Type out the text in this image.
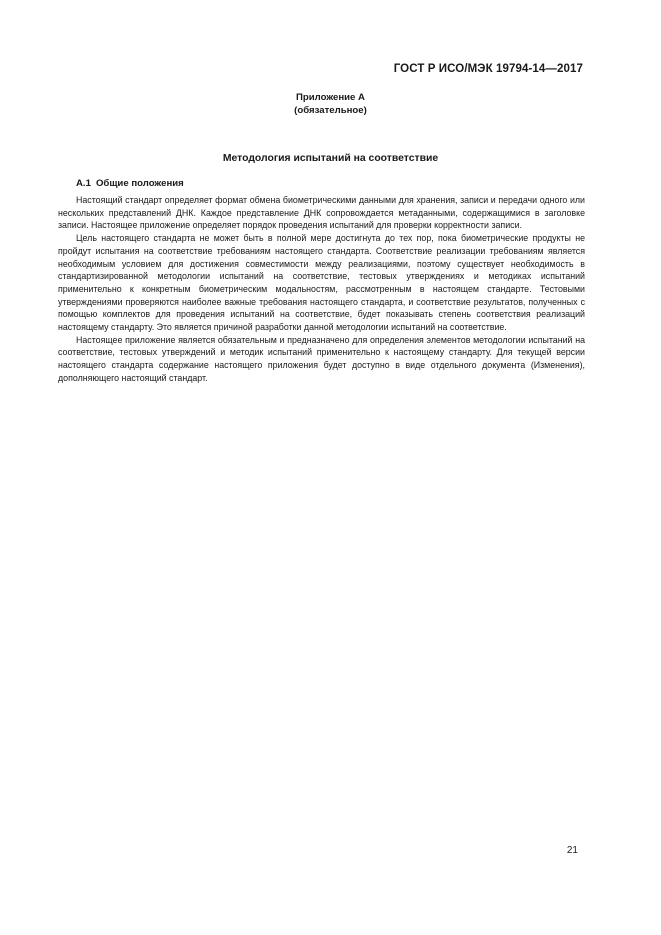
ГОСТ Р ИСО/МЭК 19794-14—2017
Приложение А
(обязательное)
Методология испытаний на соответствие
А.1 Общие положения

Настоящий стандарт определяет формат обмена биометрическими данными для хранения, записи и передачи одного или нескольких представлений ДНК. Каждое представление ДНК сопровождается метаданными, содержащимися в заголовке записи. Настоящее приложение определяет порядок проведения испытаний для проверки корректности записи.

Цель настоящего стандарта не может быть в полной мере достигнута до тех пор, пока биометрические продукты не пройдут испытания на соответствие требованиям настоящего стандарта. Соответствие реализации требованиям является необходимым условием для достижения совместимости между реализациями, поэтому существует необходимость в стандартизированной методологии испытаний на соответствие, тестовых утверждениях и методиках испытаний применительно к конкретным биометрическим модальностям, рассмотренным в настоящем стандарте. Тестовыми утверждениями проверяются наиболее важные требования настоящего стандарта, и соответствие результатов, полученных с помощью комплектов для проведения испытаний на соответствие, будет показывать степень соответствия реализаций настоящему стандарту. Это является причиной разработки данной методологии испытаний на соответствие.

Настоящее приложение является обязательным и предназначено для определения элементов методологии испытаний на соответствие, тестовых утверждений и методик испытаний применительно к настоящему стандарту. Для текущей версии настоящего стандарта содержание настоящего приложения будет доступно в виде отдельного документа (Изменения), дополняющего настоящий стандарт.

21
